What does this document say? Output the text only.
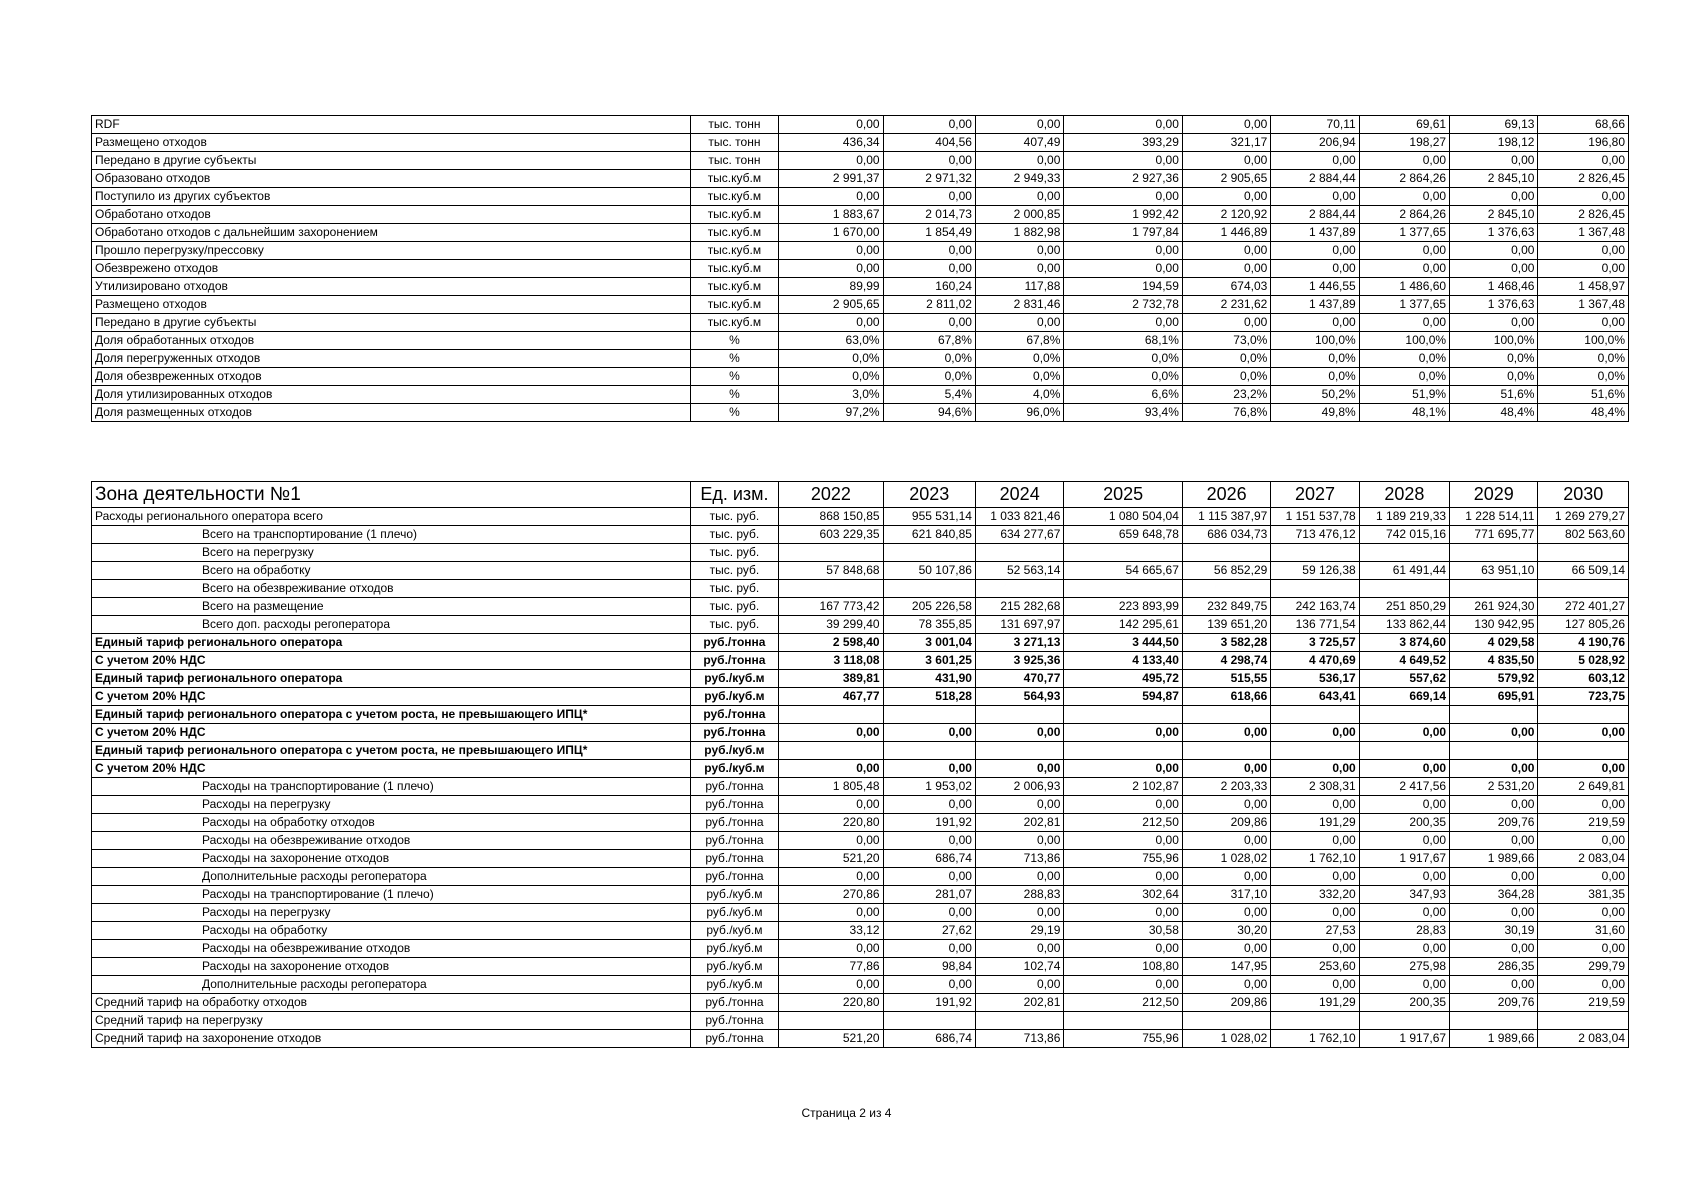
RDF	тыс. тонн	0,00	0,00	0,00	0,00	0,00	70,11	69,61	69,13	68,66
Размещено отходов	тыс. тонн	436,34	404,56	407,49	393,29	321,17	206,94	198,27	198,12	196,80
Передано в другие субъекты	тыс. тонн	0,00	0,00	0,00	0,00	0,00	0,00	0,00	0,00	0,00
Образовано отходов	тыс.куб.м	2 991,37	2 971,32	2 949,33	2 927,36	2 905,65	2 884,44	2 864,26	2 845,10	2 826,45
Поступило из других субъектов	тыс.куб.м	0,00	0,00	0,00	0,00	0,00	0,00	0,00	0,00	0,00
Обработано отходов	тыс.куб.м	1 883,67	2 014,73	2 000,85	1 992,42	2 120,92	2 884,44	2 864,26	2 845,10	2 826,45
Обработано отходов с дальнейшим захоронением	тыс.куб.м	1 670,00	1 854,49	1 882,98	1 797,84	1 446,89	1 437,89	1 377,65	1 376,63	1 367,48
Прошло перегрузку/прессовку	тыс.куб.м	0,00	0,00	0,00	0,00	0,00	0,00	0,00	0,00	0,00
Обезврежено отходов	тыс.куб.м	0,00	0,00	0,00	0,00	0,00	0,00	0,00	0,00	0,00
Утилизировано отходов	тыс.куб.м	89,99	160,24	117,88	194,59	674,03	1 446,55	1 486,60	1 468,46	1 458,97
Размещено отходов	тыс.куб.м	2 905,65	2 811,02	2 831,46	2 732,78	2 231,62	1 437,89	1 377,65	1 376,63	1 367,48
Передано в другие субъекты	тыс.куб.м	0,00	0,00	0,00	0,00	0,00	0,00	0,00	0,00	0,00
Доля обработанных отходов	%	63,0%	67,8%	67,8%	68,1%	73,0%	100,0%	100,0%	100,0%	100,0%
Доля перегруженных отходов	%	0,0%	0,0%	0,0%	0,0%	0,0%	0,0%	0,0%	0,0%	0,0%
Доля обезвреженных отходов	%	0,0%	0,0%	0,0%	0,0%	0,0%	0,0%	0,0%	0,0%	0,0%
Доля утилизированных отходов	%	3,0%	5,4%	4,0%	6,6%	23,2%	50,2%	51,9%	51,6%	51,6%
Доля размещенных отходов	%	97,2%	94,6%	96,0%	93,4%	76,8%	49,8%	48,1%	48,4%	48,4%
Зона деятельности №1	Ед. изм.	2022	2023	2024	2025	2026	2027	2028	2029	2030
Расходы регионального оператора всего	тыс. руб.	868 150,85	955 531,14	1 033 821,46	1 080 504,04	1 115 387,97	1 151 537,78	1 189 219,33	1 228 514,11	1 269 279,27
Всего на транспортирование (1 плечо)	тыс. руб.	603 229,35	621 840,85	634 277,67	659 648,78	686 034,73	713 476,12	742 015,16	771 695,77	802 563,60
Всего на перегрузку	тыс. руб.									
Всего на обработку	тыс. руб.	57 848,68	50 107,86	52 563,14	54 665,67	56 852,29	59 126,38	61 491,44	63 951,10	66 509,14
Всего на обезвреживание отходов	тыс. руб.									
Всего на размещение	тыс. руб.	167 773,42	205 226,58	215 282,68	223 893,99	232 849,75	242 163,74	251 850,29	261 924,30	272 401,27
Всего доп. расходы регоператора	тыс. руб.	39 299,40	78 355,85	131 697,97	142 295,61	139 651,20	136 771,54	133 862,44	130 942,95	127 805,26
Единый тариф регионального оператора	руб./тонна	2 598,40	3 001,04	3 271,13	3 444,50	3 582,28	3 725,57	3 874,60	4 029,58	4 190,76
С учетом 20% НДС	руб./тонна	3 118,08	3 601,25	3 925,36	4 133,40	4 298,74	4 470,69	4 649,52	4 835,50	5 028,92
Единый тариф регионального оператора	руб./куб.м	389,81	431,90	470,77	495,72	515,55	536,17	557,62	579,92	603,12
С учетом 20% НДС	руб./куб.м	467,77	518,28	564,93	594,87	618,66	643,41	669,14	695,91	723,75
Единый тариф регионального оператора с учетом роста, не превышающего ИПЦ*	руб./тонна									
С учетом 20% НДС	руб./тонна	0,00	0,00	0,00	0,00	0,00	0,00	0,00	0,00	0,00
Единый тариф регионального оператора с учетом роста, не превышающего ИПЦ*	руб./куб.м									
С учетом 20% НДС	руб./куб.м	0,00	0,00	0,00	0,00	0,00	0,00	0,00	0,00	0,00
Расходы на транспортирование (1 плечо)	руб./тонна	1 805,48	1 953,02	2 006,93	2 102,87	2 203,33	2 308,31	2 417,56	2 531,20	2 649,81
Расходы на перегрузку	руб./тонна	0,00	0,00	0,00	0,00	0,00	0,00	0,00	0,00	0,00
Расходы на обработку отходов	руб./тонна	220,80	191,92	202,81	212,50	209,86	191,29	200,35	209,76	219,59
Расходы на обезвреживание отходов	руб./тонна	0,00	0,00	0,00	0,00	0,00	0,00	0,00	0,00	0,00
Расходы на захоронение отходов	руб./тонна	521,20	686,74	713,86	755,96	1 028,02	1 762,10	1 917,67	1 989,66	2 083,04
Дополнительные расходы регоператора	руб./тонна	0,00	0,00	0,00	0,00	0,00	0,00	0,00	0,00	0,00
Расходы на транспортирование (1 плечо)	руб./куб.м	270,86	281,07	288,83	302,64	317,10	332,20	347,93	364,28	381,35
Расходы на перегрузку	руб./куб.м	0,00	0,00	0,00	0,00	0,00	0,00	0,00	0,00	0,00
Расходы на обработку	руб./куб.м	33,12	27,62	29,19	30,58	30,20	27,53	28,83	30,19	31,60
Расходы на обезвреживание отходов	руб./куб.м	0,00	0,00	0,00	0,00	0,00	0,00	0,00	0,00	0,00
Расходы на захоронение отходов	руб./куб.м	77,86	98,84	102,74	108,80	147,95	253,60	275,98	286,35	299,79
Дополнительные расходы регоператора	руб./куб.м	0,00	0,00	0,00	0,00	0,00	0,00	0,00	0,00	0,00
Средний тариф на обработку отходов	руб./тонна	220,80	191,92	202,81	212,50	209,86	191,29	200,35	209,76	219,59
Средний тариф на перегрузку	руб./тонна									
Средний тариф на захоронение отходов	руб./тонна	521,20	686,74	713,86	755,96	1 028,02	1 762,10	1 917,67	1 989,66	2 083,04
Страница 2 из 4
